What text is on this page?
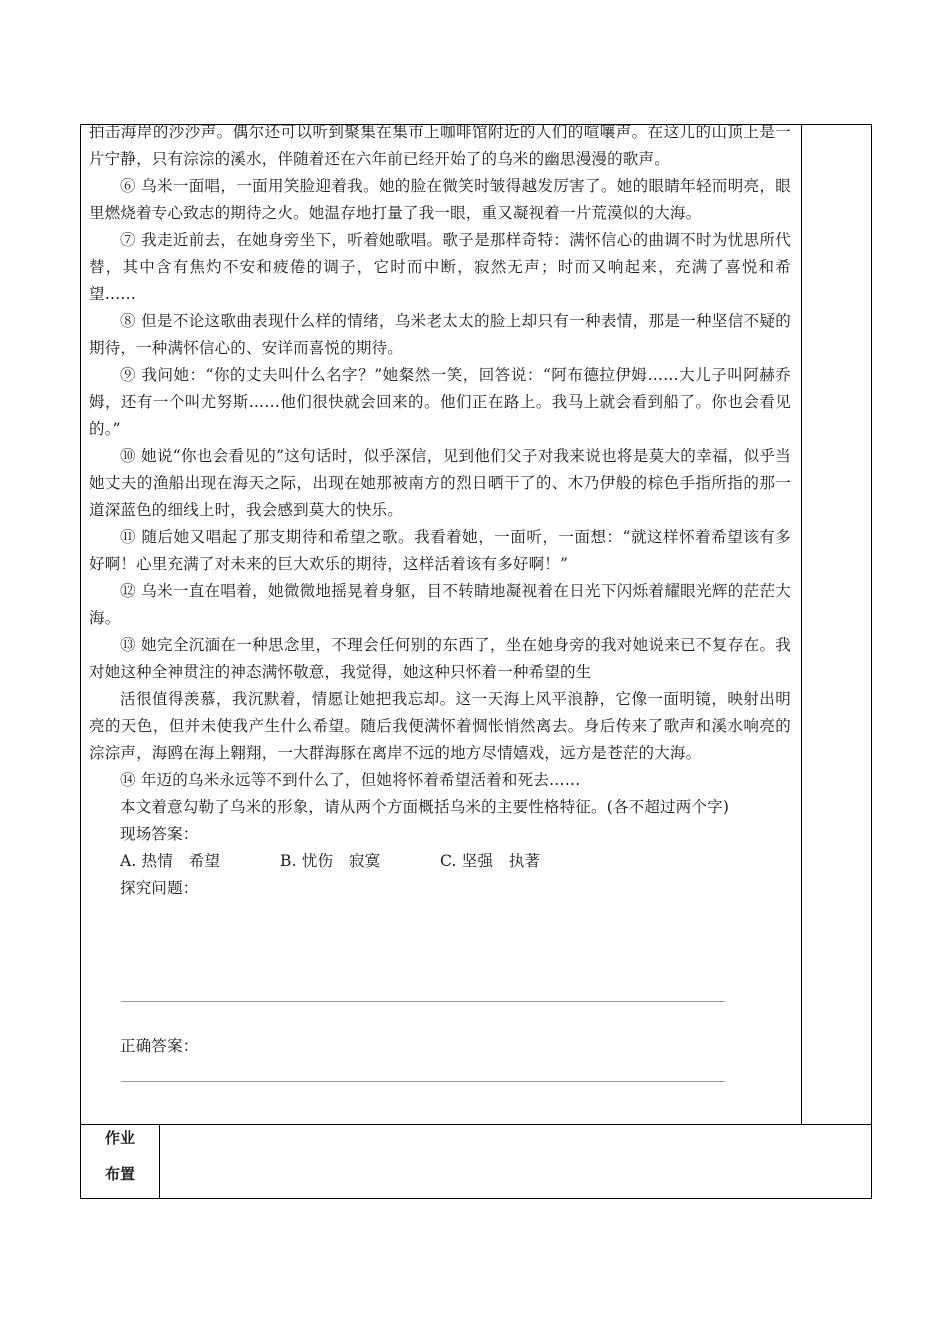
拍击海岸的沙沙声。偶尔还可以听到聚集在集市上咖啡馆附近的人们的喧嚷声。在这儿的山顶上是一片宁静，只有淙淙的溪水，伴随着还在六年前已经开始了的乌米的幽思漫漫的歌声。

⑥ 乌米一面唱，一面用笑脸迎着我。她的脸在微笑时皱得越发厉害了。她的眼睛年轻而明亮，眼里燃烧着专心致志的期待之火。她温存地打量了我一眼，重又凝视着一片荒漠似的大海。

⑦ 我走近前去，在她身旁坐下，听着她歌唱。歌子是那样奇特：满怀信心的曲调不时为忧思所代替，其中含有焦灼不安和疲倦的调子，它时而中断，寂然无声；时而又响起来，充满了喜悦和希望……

⑧ 但是不论这歌曲表现什么样的情绪，乌米老太太的脸上却只有一种表情，那是一种坚信不疑的期待，一种满怀信心的、安详而喜悦的期待。

⑨ 我问她：“你的丈夫叫什么名字？”她粲然一笑，回答说：“阿布德拉伊姆……大儿子叫阿赫乔姆，还有一个叫尤努斯……他们很快就会回来的。他们正在路上。我马上就会看到船了。你也会看见的。”

⑩ 她说“你也会看见的”这句话时，似乎深信，见到他们父子对我来说也将是莫大的幸福，似乎当她丈夫的渔船出现在海天之际，出现在她那被南方的烈日晒干了的、木乃伊般的棕色手指所指的那一道深蓝色的细线上时，我会感到莫大的快乐。

⑪ 随后她又唱起了那支期待和希望之歌。我看着她，一面听，一面想：“就这样怀着希望该有多好啊！心里充满了对未来的巨大欢乐的期待，这样活着该有多好啊！”

⑫ 乌米一直在唱着，她微微地摇晃着身躯，目不转睛地凝视着在日光下闪烁着耀眼光辉的茫茫大海。

⑬ 她完全沉湎在一种思念里，不理会任何别的东西了，坐在她身旁的我对她说来已不复存在。我对她这种全神贯注的神态满怀敬意，我觉得，她这种只怀着一种希望的生

活很值得羡慕，我沉默着，情愿让她把我忘却。这一天海上风平浪静，它像一面明镜，映射出明亮的天色，但并未使我产生什么希望。随后我便满怀着惆怅悄然离去。身后传来了歌声和溪水响亮的淙淙声，海鸥在海上翱翔，一大群海豚在离岸不远的地方尽情嬉戏，远方是苍茫的大海。

⑭ 年迈的乌米永远等不到什么了，但她将怀着希望活着和死去……

本文着意勾勒了乌米的形象，请从两个方面概括乌米的主要性格特征。(各不超过两个字)

现场答案：

A. 热情　希望	B. 忧伤　寂寞	C. 坚强　执著

探究问题：

正确答案：

作业
布置
